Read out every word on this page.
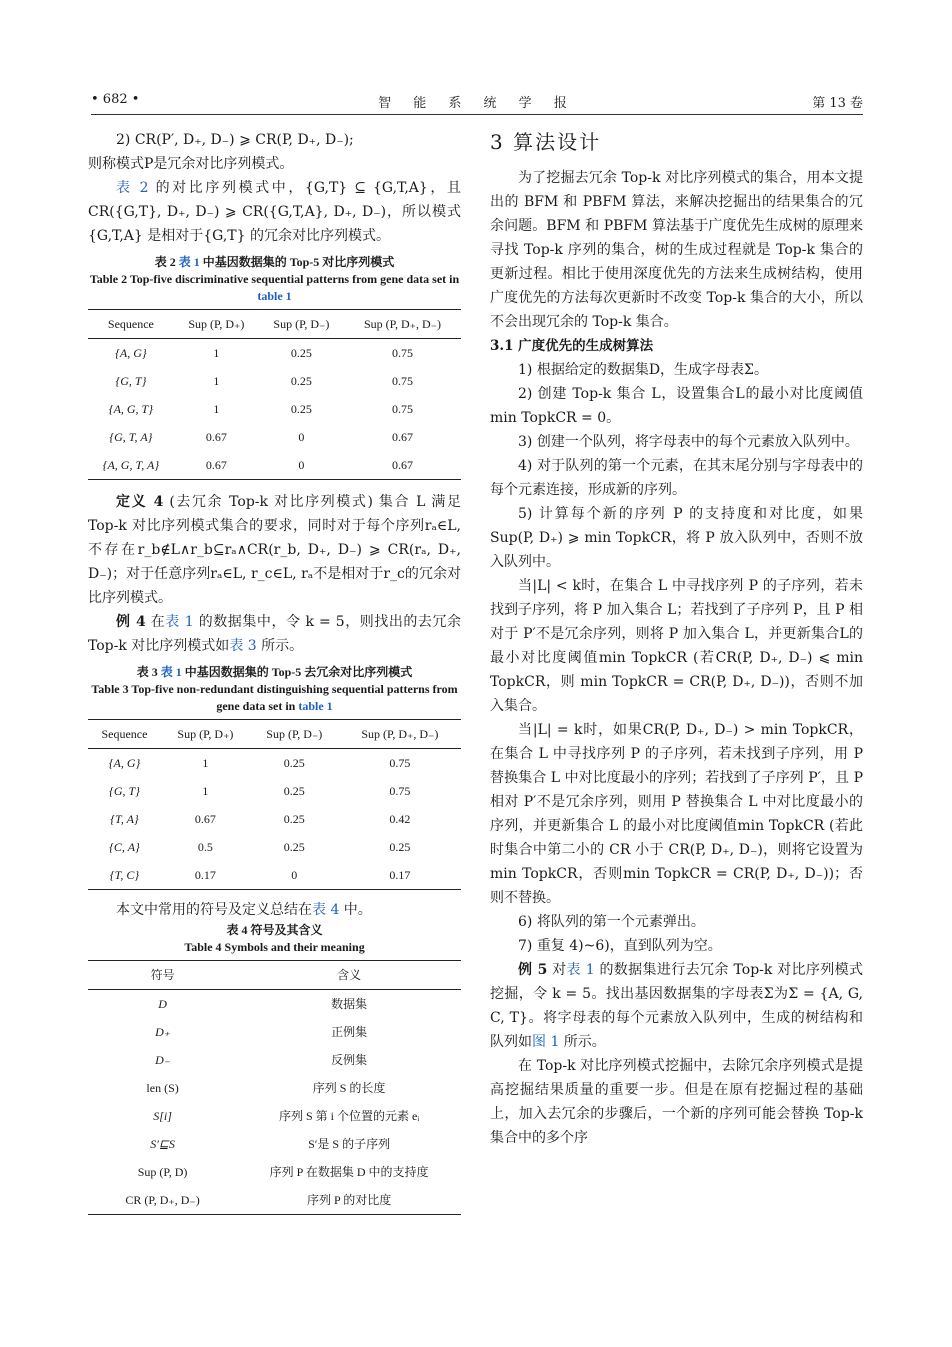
• 682 •	智 能 系 统 学 报	第 13 卷

2) CR(P′, D₊, D₋) ⩾ CR(P, D₊, D₋);

则称模式P是冗余对比序列模式。

表 2 的对比序列模式中，{G,T} ⊆ {G,T,A}，且 CR({G,T}, D₊, D₋) ⩾ CR({G,T,A}, D₊, D₋)，所以模式 {G,T,A} 是相对于{G,T} 的冗余对比序列模式。

表 2 表 1 中基因数据集的 Top-5 对比序列模式
Table 2 Top-five discriminative sequential patterns from gene data set in table 1
Sequence	Sup (P, D₊)	Sup (P, D₋)	Sup (P, D₊, D₋)
{A, G}	1	0.25	0.75
{G, T}	1	0.25	0.75
{A, G, T}	1	0.25	0.75
{G, T, A}	0.67	0	0.67
{A, G, T, A}	0.67	0	0.67

定义 4 (去冗余 Top-k 对比序列模式) 集合 L 满足 Top-k 对比序列模式集合的要求，同时对于每个序列rₐ∈L, 不存在r_b∉L∧r_b⊆rₐ∧CR(r_b, D₊, D₋) ⩾ CR(rₐ, D₊, D₋)；对于任意序列rₐ∈L, r_c∈L, rₐ不是相对于r_c的冗余对比序列模式。

例 4 在表 1 的数据集中，令 k = 5，则找出的去冗余 Top-k 对比序列模式如表 3 所示。

表 3 表 1 中基因数据集的 Top-5 去冗余对比序列模式
Table 3 Top-five non-redundant distinguishing sequential patterns from gene data set in table 1
Sequence	Sup (P, D₊)	Sup (P, D₋)	Sup (P, D₊, D₋)
{A, G}	1	0.25	0.75
{G, T}	1	0.25	0.75
{T, A}	0.67	0.25	0.42
{C, A}	0.5	0.25	0.25
{T, C}	0.17	0	0.17

本文中常用的符号及定义总结在表 4 中。

表 4 符号及其含义
Table 4 Symbols and their meaning
符号	含义
D	数据集
D₊	正例集
D₋	反例集
len (S)	序列 S 的长度
S[i]	序列 S 第 i 个位置的元素 eᵢ
S′⊑S	S′是 S 的子序列
Sup (P, D)	序列 P 在数据集 D 中的支持度
CR (P, D₊, D₋)	序列 P 的对比度
3 算法设计

为了挖掘去冗余 Top-k 对比序列模式的集合，用本文提出的 BFM 和 PBFM 算法，来解决挖掘出的结果集合的冗余问题。BFM 和 PBFM 算法基于广度优先生成树的原理来寻找 Top-k 序列的集合，树的生成过程就是 Top-k 集合的更新过程。相比于使用深度优先的方法来生成树结构，使用广度优先的方法每次更新时不改变 Top-k 集合的大小，所以不会出现冗余的 Top-k 集合。

3.1 广度优先的生成树算法

1) 根据给定的数据集D，生成字母表Σ。

2) 创建 Top-k 集合 L，设置集合L的最小对比度阈值min TopkCR = 0。

3) 创建一个队列，将字母表中的每个元素放入队列中。

4) 对于队列的第一个元素，在其末尾分别与字母表中的每个元素连接，形成新的序列。

5) 计算每个新的序列 P 的支持度和对比度，如果Sup(P, D₊) ⩾ min TopkCR，将 P 放入队列中，否则不放入队列中。

当|L| < k时，在集合 L 中寻找序列 P 的子序列，若未找到子序列，将 P 加入集合 L；若找到了子序列 P，且 P 相对于 P′不是冗余序列，则将 P 加入集合 L，并更新集合L的最小对比度阈值min TopkCR (若CR(P, D₊, D₋) ⩽ min TopkCR，则 min TopkCR = CR(P, D₊, D₋))，否则不加入集合。

当|L| = k时，如果CR(P, D₊, D₋) > min TopkCR，在集合 L 中寻找序列 P 的子序列，若未找到子序列，用 P 替换集合 L 中对比度最小的序列；若找到了子序列 P′，且 P 相对 P′不是冗余序列，则用 P 替换集合 L 中对比度最小的序列，并更新集合 L 的最小对比度阈值min TopkCR (若此时集合中第二小的 CR 小于 CR(P, D₊, D₋)，则将它设置为 min TopkCR，否则min TopkCR = CR(P, D₊, D₋))；否则不替换。

6) 将队列的第一个元素弹出。

7) 重复 4)~6)，直到队列为空。

例 5 对表 1 的数据集进行去冗余 Top-k 对比序列模式挖掘，令 k = 5。找出基因数据集的字母表Σ为Σ = {A, G, C, T}。将字母表的每个元素放入队列中，生成的树结构和队列如图 1 所示。

在 Top-k 对比序列模式挖掘中，去除冗余序列模式是提高挖掘结果质量的重要一步。但是在原有挖掘过程的基础上，加入去冗余的步骤后，一个新的序列可能会替换 Top-k 集合中的多个序
